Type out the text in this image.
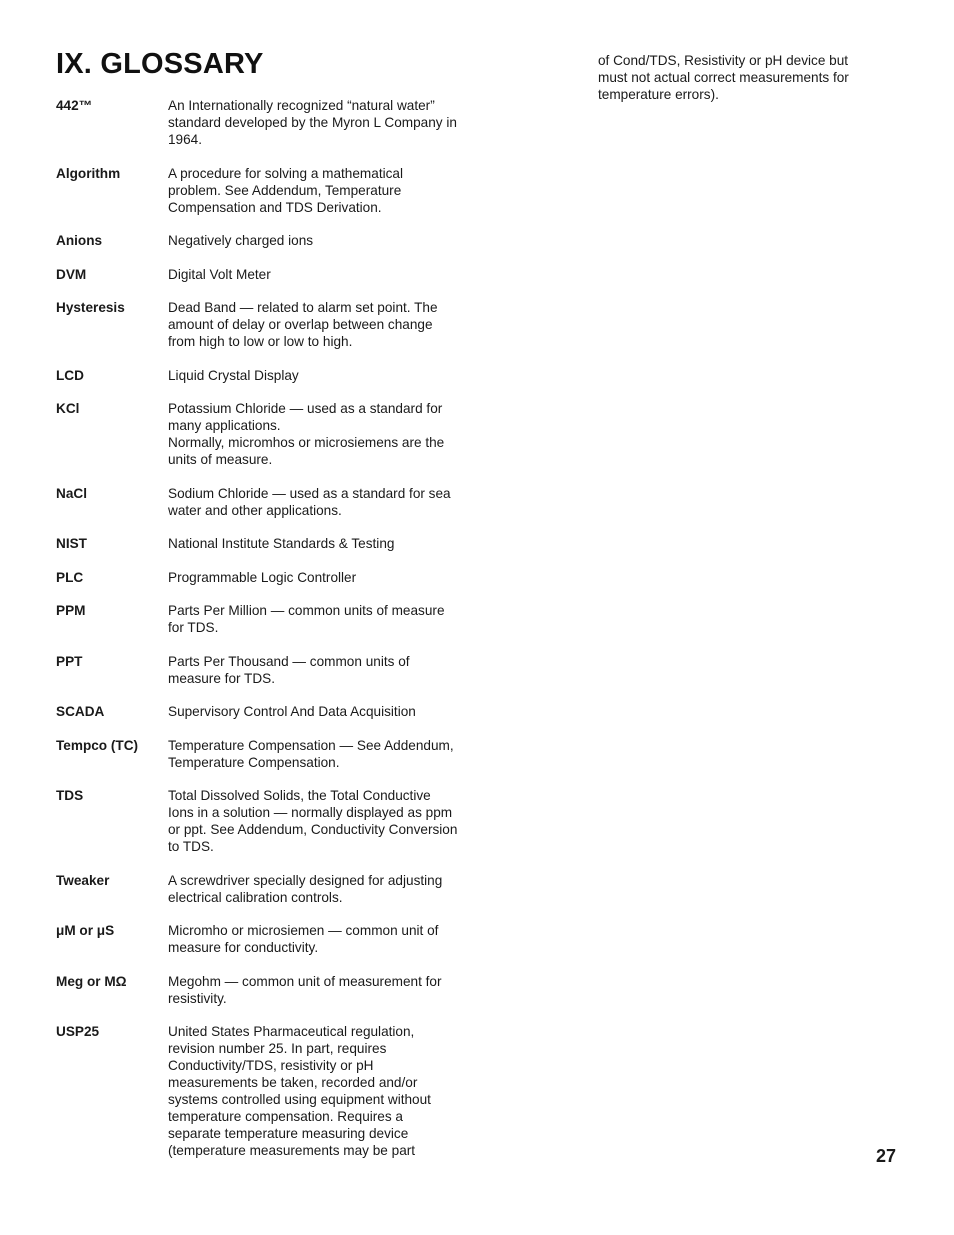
IX. GLOSSARY
442™	An Internationally recognized “natural water”
standard developed by the Myron L Company in
1964.
Algorithm	A procedure for solving a mathematical
problem. See Addendum, Temperature
Compensation and TDS Derivation.
Anions	Negatively charged ions
DVM	Digital Volt Meter
Hysteresis	Dead Band — related to alarm set point. The
amount of delay or overlap between change
from high to low or low to high.
LCD	Liquid Crystal Display
KCl	Potassium Chloride — used as a standard for
many applications.
Normally, micromhos or microsiemens are the
units of measure.
NaCl	Sodium Chloride — used as a standard for sea
water and other applications.
NIST	National Institute Standards & Testing
PLC	Programmable Logic Controller
PPM	Parts Per Million — common units of measure
for TDS.
PPT	Parts Per Thousand — common units of
measure for TDS.
SCADA	Supervisory Control And Data Acquisition
Tempco (TC)	Temperature Compensation — See Addendum,
Temperature Compensation.
TDS	Total Dissolved Solids, the Total Conductive
Ions in a solution — normally displayed as ppm
or ppt. See Addendum, Conductivity Conversion
to TDS.
Tweaker	A screwdriver specially designed for adjusting
electrical calibration controls.
μM or μS	Micromho or microsiemen — common unit of
measure for conductivity.
Meg or MΩ	Megohm — common unit of measurement for
resistivity.
USP25	United States Pharmaceutical regulation,
revision number 25. In part, requires
Conductivity/TDS, resistivity or pH
measurements be taken, recorded and/or
systems controlled using equipment without
temperature compensation. Requires a
separate temperature measuring device
(temperature measurements may be part
of Cond/TDS, Resistivity or pH device but
must not actual correct measurements for
temperature errors).
27
